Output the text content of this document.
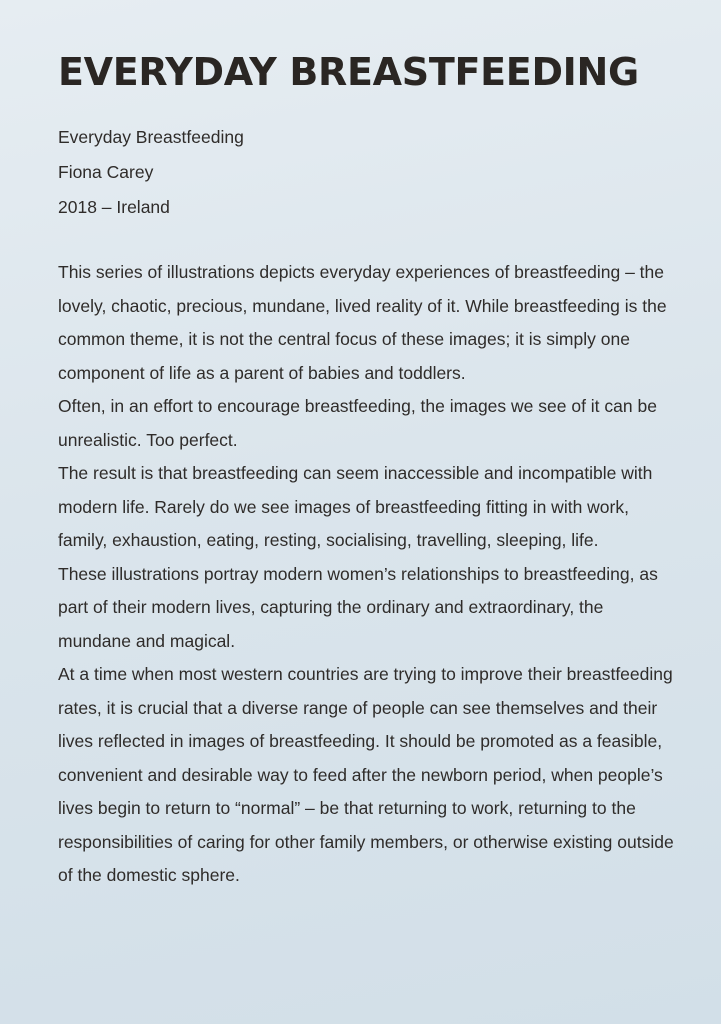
EVERYDAY BREASTFEEDING
Everyday Breastfeeding
Fiona Carey
2018 – Ireland

This series of illustrations depicts everyday experiences of breastfeeding – the lovely, chaotic, precious, mundane, lived reality of it. While breastfeeding is the common theme, it is not the central focus of these images; it is simply one component of life as a parent of babies and toddlers.

Often, in an effort to encourage breastfeeding, the images we see of it can be unrealistic. Too perfect.

The result is that breastfeeding can seem inaccessible and incompatible with modern life. Rarely do we see images of breastfeeding fitting in with work, family, exhaustion, eating, resting, socialising, travelling, sleeping, life.

These illustrations portray modern women’s relationships to breastfeeding, as part of their modern lives, capturing the ordinary and extraordinary, the mundane and magical.

At a time when most western countries are trying to improve their breastfeeding rates, it is crucial that a diverse range of people can see themselves and their lives reflected in images of breastfeeding. It should be promoted as a feasible, convenient and desirable way to feed after the newborn period, when people’s lives begin to return to “normal” – be that returning to work, returning to the responsibilities of caring for other family members, or otherwise existing outside of the domestic sphere.
